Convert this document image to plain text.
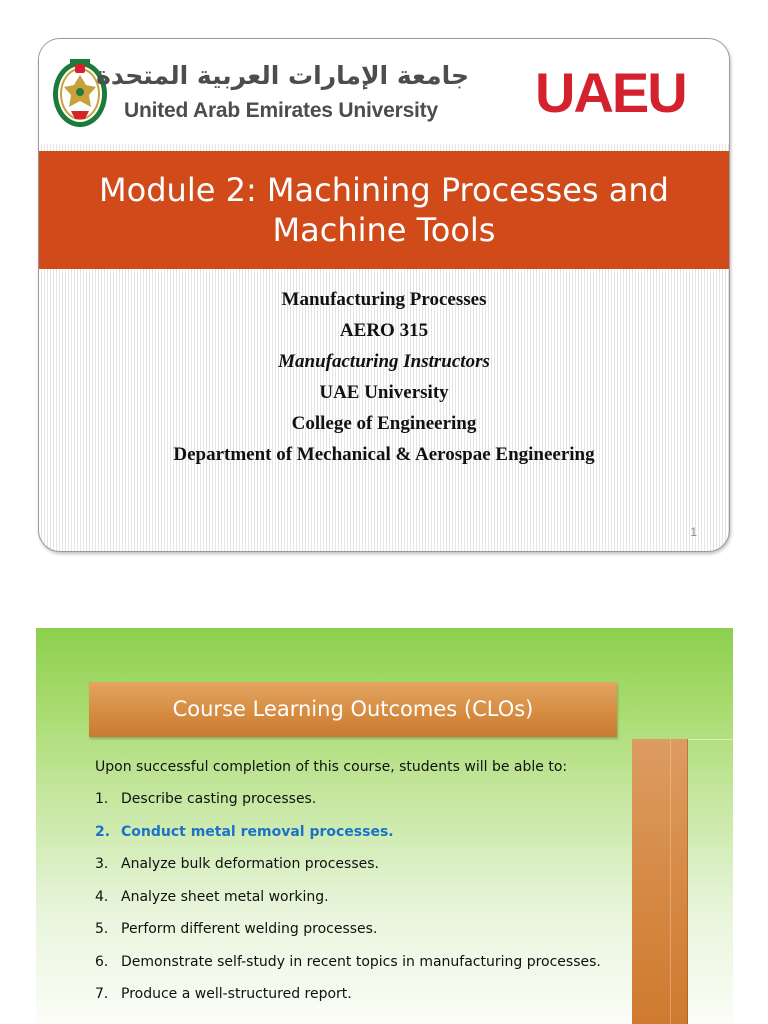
جامعة الإمارات العربية المتحدة
United Arab Emirates University UAEU
Module 2: Machining Processes and
Machine Tools
Manufacturing Processes
AERO 315
Manufacturing Instructors
UAE University
College of Engineering
Department of Mechanical & Aerospae Engineering
1
Course Learning Outcomes (CLOs)
Upon successful completion of this course, students will be able to:
1. Describe casting processes.
2. Conduct metal removal processes.
3. Analyze bulk deformation processes.
4. Analyze sheet metal working.
5. Perform different welding processes.
6. Demonstrate self-study in recent topics in manufacturing processes.
7. Produce a well-structured report.
